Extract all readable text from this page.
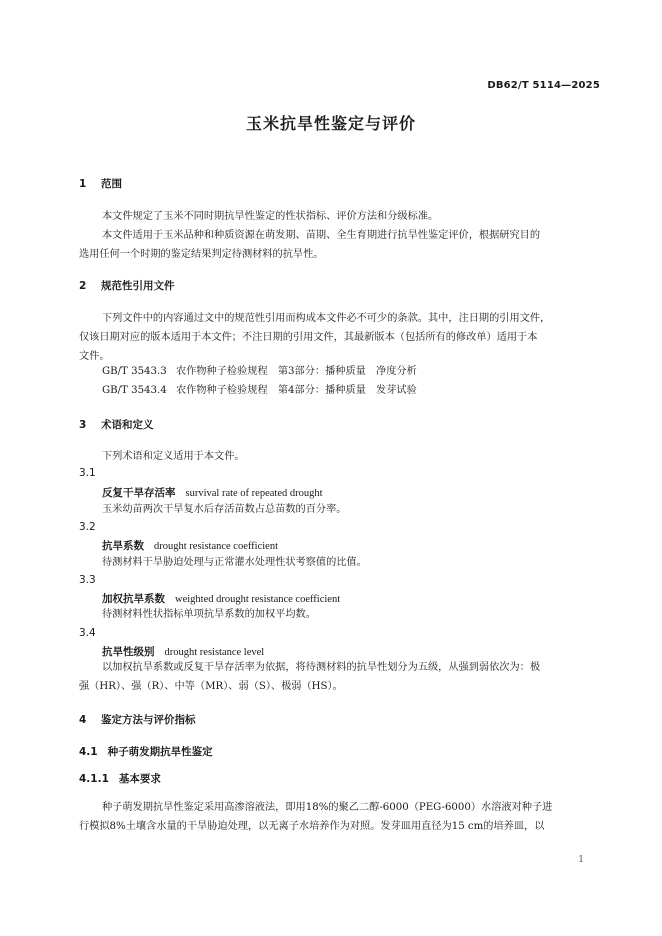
DB62/T 5114—2025
玉米抗旱性鉴定与评价
1 范围
本文件规定了玉米不同时期抗旱性鉴定的性状指标、评价方法和分级标准。
本文件适用于玉米品种和种质资源在萌发期、苗期、全生育期进行抗旱性鉴定评价，根据研究目的
选用任何一个时期的鉴定结果判定待测材料的抗旱性。
2 规范性引用文件
下列文件中的内容通过文中的规范性引用而构成本文件必不可少的条款。其中，注日期的引用文件，
仅该日期对应的版本适用于本文件；不注日期的引用文件，其最新版本（包括所有的修改单）适用于本
文件。
GB/T 3543.3 农作物种子检验规程　第3部分：播种质量　净度分析
GB/T 3543.4 农作物种子检验规程　第4部分：播种质量　发芽试验
3 术语和定义
下列术语和定义适用于本文件。
3.1
反复干旱存活率 survival rate of repeated drought
玉米幼苗两次干旱复水后存活苗数占总苗数的百分率。
3.2
抗旱系数 drought resistance coefficient
待测材料干旱胁迫处理与正常灌水处理性状考察值的比值。
3.3
加权抗旱系数 weighted drought resistance coefficient
待测材料性状指标单项抗旱系数的加权平均数。
3.4
抗旱性级别 drought resistance level
以加权抗旱系数或反复干旱存活率为依据，将待测材料的抗旱性划分为五级，从强到弱依次为：极
强（HR）、强（R）、中等（MR）、弱（S）、极弱（HS）。
4 鉴定方法与评价指标
4.1 种子萌发期抗旱性鉴定
4.1.1 基本要求
种子萌发期抗旱性鉴定采用高渗溶液法，即用18%的聚乙二醇-6000（PEG-6000）水溶液对种子进
行模拟8%土壤含水量的干旱胁迫处理，以无离子水培养作为对照。发芽皿用直径为15 cm的培养皿，以
1
